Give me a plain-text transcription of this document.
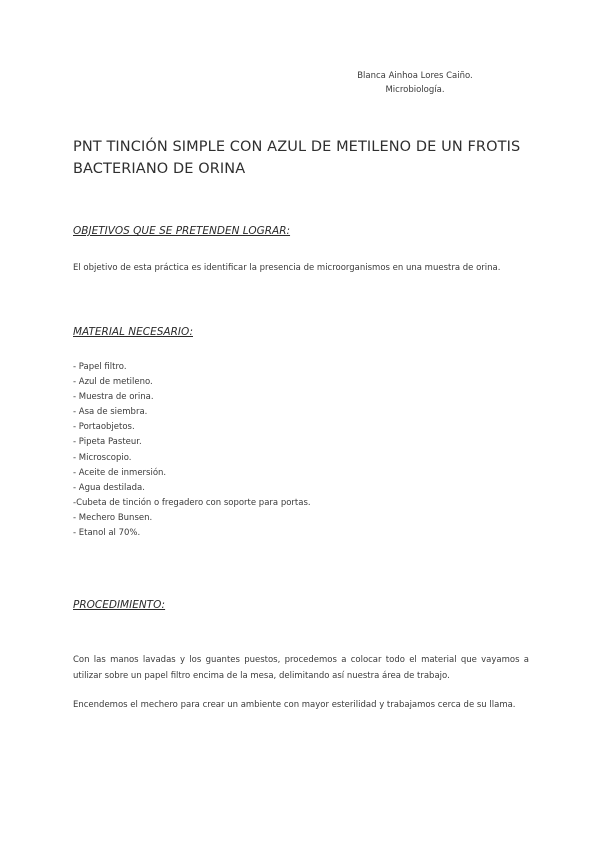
Blanca Ainhoa Lores Caiño.
Microbiología.
PNT TINCIÓN SIMPLE CON AZUL DE METILENO DE UN FROTIS BACTERIANO DE ORINA
OBJETIVOS QUE SE PRETENDEN LOGRAR:

El objetivo de esta práctica es identificar la presencia de microorganismos en una muestra de orina.

MATERIAL NECESARIO:
- Papel filtro.
- Azul de metileno.
- Muestra de orina.
- Asa de siembra.
- Portaobjetos.
- Pipeta Pasteur.
- Microscopio.
- Aceite de inmersión.
- Agua destilada.
-Cubeta de tinción o fregadero con soporte para portas.
- Mechero Bunsen.
- Etanol al 70%.
PROCEDIMIENTO:

Con las manos lavadas y los guantes puestos, procedemos a colocar todo el material que vayamos a utilizar sobre un papel filtro encima de la mesa, delimitando así nuestra área de trabajo.

Encendemos el mechero para crear un ambiente con mayor esterilidad y trabajamos cerca de su llama.
